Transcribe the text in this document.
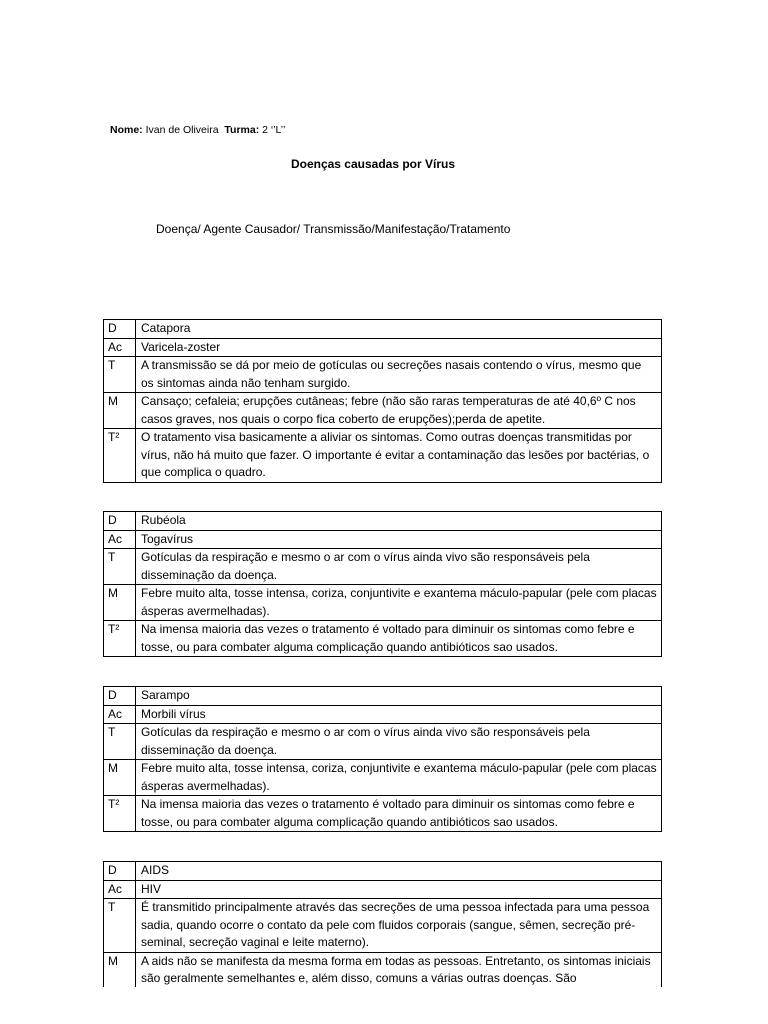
Nome: Ivan de Oliveira Turma: 2 ‘’L’’
Doenças causadas por Vírus
Doença/ Agente Causador/ Transmissão/Manifestação/Tratamento
D	Catapora
Ac	Varicela-zoster
T	A transmissão se dá por meio de gotículas ou secreções nasais contendo o vírus, mesmo que os sintomas ainda não tenham surgido.
M	Cansaço; cefaleia; erupções cutâneas; febre (não são raras temperaturas de até 40,6º C nos casos graves, nos quais o corpo fica coberto de erupções);perda de apetite.
T²	O tratamento visa basicamente a aliviar os sintomas. Como outras doenças transmitidas por vírus, não há muito que fazer. O importante é evitar a contaminação das lesões por bactérias, o que complica o quadro.
D	Rubéola
Ac	Togavírus
T	Gotículas da respiração e mesmo o ar com o vírus ainda vivo são responsáveis pela disseminação da doença.
M	Febre muito alta, tosse intensa, coriza, conjuntivite e exantema máculo-papular (pele com placas ásperas avermelhadas).
T²	Na imensa maioria das vezes o tratamento é voltado para diminuir os sintomas como febre e tosse, ou para combater alguma complicação quando antibióticos sao usados.
D	Sarampo
Ac	Morbili vírus
T	Gotículas da respiração e mesmo o ar com o vírus ainda vivo são responsáveis pela disseminação da doença.
M	Febre muito alta, tosse intensa, coriza, conjuntivite e exantema máculo-papular (pele com placas ásperas avermelhadas).
T²	Na imensa maioria das vezes o tratamento é voltado para diminuir os sintomas como febre e tosse, ou para combater alguma complicação quando antibióticos sao usados.
D	AIDS
Ac	HIV
T	É transmitido principalmente através das secreções de uma pessoa infectada para uma pessoa sadia, quando ocorre o contato da pele com fluidos corporais (sangue, sêmen, secreção pré-seminal, secreção vaginal e leite materno).
M	A aids não se manifesta da mesma forma em todas as pessoas. Entretanto, os sintomas iniciais são geralmente semelhantes e, além disso, comuns a várias outras doenças. São
